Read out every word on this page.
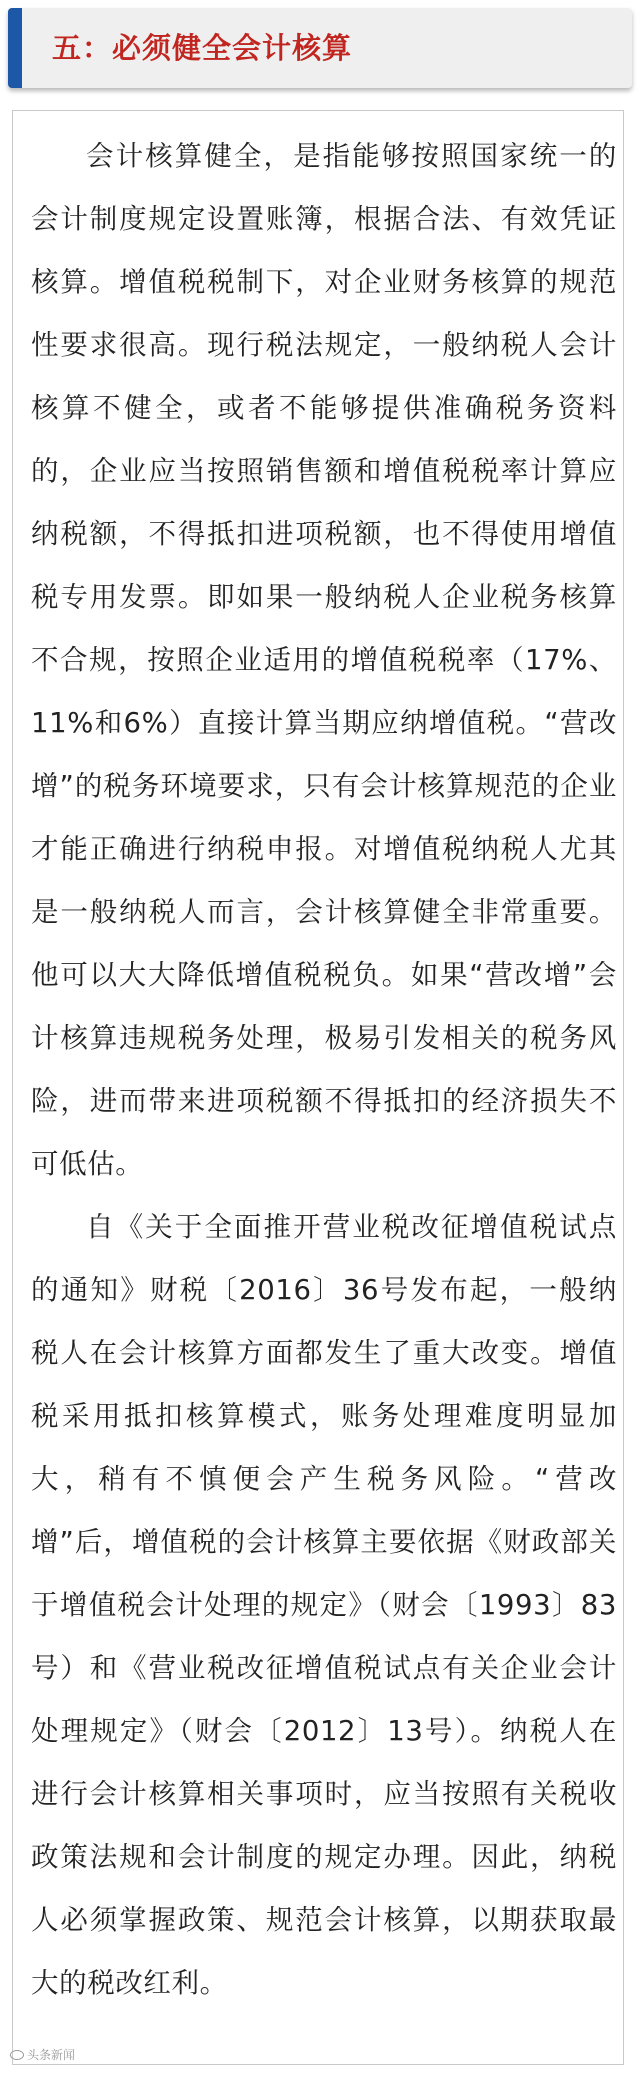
五：必须健全会计核算

会计核算健全，是指能够按照国家统一的会计制度规定设置账簿，根据合法、有效凭证核算。增值税税制下，对企业财务核算的规范性要求很高。现行税法规定，一般纳税人会计核算不健全，或者不能够提供准确税务资料的，企业应当按照销售额和增值税税率计算应纳税额，不得抵扣进项税额，也不得使用增值税专用发票。即如果一般纳税人企业税务核算不合规，按照企业适用的增值税税率（17%、11%和6%）直接计算当期应纳增值税。“营改增”的税务环境要求，只有会计核算规范的企业才能正确进行纳税申报。对增值税纳税人尤其是一般纳税人而言，会计核算健全非常重要。他可以大大降低增值税税负。如果“营改增”会计核算违规税务处理，极易引发相关的税务风险，进而带来进项税额不得抵扣的经济损失不可低估。

自《关于全面推开营业税改征增值税试点的通知》财税〔2016〕36号发布起，一般纳税人在会计核算方面都发生了重大改变。增值税采用抵扣核算模式，账务处理难度明显加大，稍有不慎便会产生税务风险。“营改增”后，增值税的会计核算主要依据《财政部关于增值税会计处理的规定》（财会〔1993〕83号）和《营业税改征增值税试点有关企业会计处理规定》（财会〔2012〕13号）。纳税人在进行会计核算相关事项时，应当按照有关税收政策法规和会计制度的规定办理。因此，纳税人必须掌握政策、规范会计核算，以期获取最大的税改红利。

头条新闻
